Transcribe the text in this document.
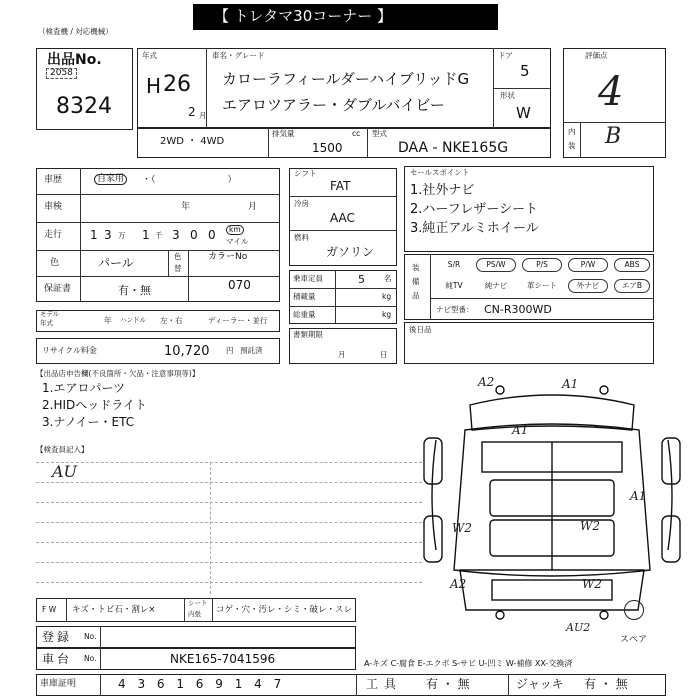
【 トレタマ30コーナー 】
（検査機 / 対応機械）
出品No.
2058
8324
年式
H 26
2 月
車名・グレード
カローラフィールダーハイブリッドG
エアロツアラー・ダブルバイビー
ドア
5
形状
W
評価点
4
内
装 B
2WD ・ 4WD
排気量	cc
1500
型式
DAA - NKE165G
車歴	自家用	・（　　　　　　　　）
車検	年	月
走行 1 3 万 1 千 3 0 0	km
マイル
色	パール	色
替
カラーNo
070
保証書	有・無
モデル
年式	年 ハンドル 左・右	ディーラー・並行
リサイクル料金	10,720 円 預託済
シフト
FAT
冷房
AAC
燃料
ガソリン
乗車定員	5	名
積載量	kg
総重量	kg
書類期限
月	日
セールスポイント
1.社外ナビ
2.ハーフレザーシート
3.純正アルミホイール
装
備
品
S/R	PS/W	P/S	P/W	ABS
純TV	純ナビ	革シート	外ナビ	エアB
ナビ型番： CN-R300WD
後日品
【出品店申告欄(不良箇所・欠品・注意事項等)】
1.エアロパーツ
2.HIDヘッドライト
3.ナノイー・ETC
【検査員記入】
AU
A2	A1
A1
A1
W2	W2
A2	W2
AU2
スペア
F W キズ・トビ石・割レ×
シート
内張 コゲ・穴・汚レ・シミ・破レ・スレ
登録 No.
車台 No.	NKE165-7041596	A-キズ C-腐食 E-エクボ S-サビ U-凹ミ W-補修 XX-交換済
車庫証明	4 3 6 1 6 9 1 4 7	工具 有 ・ 無	ジャッキ 有 ・ 無
